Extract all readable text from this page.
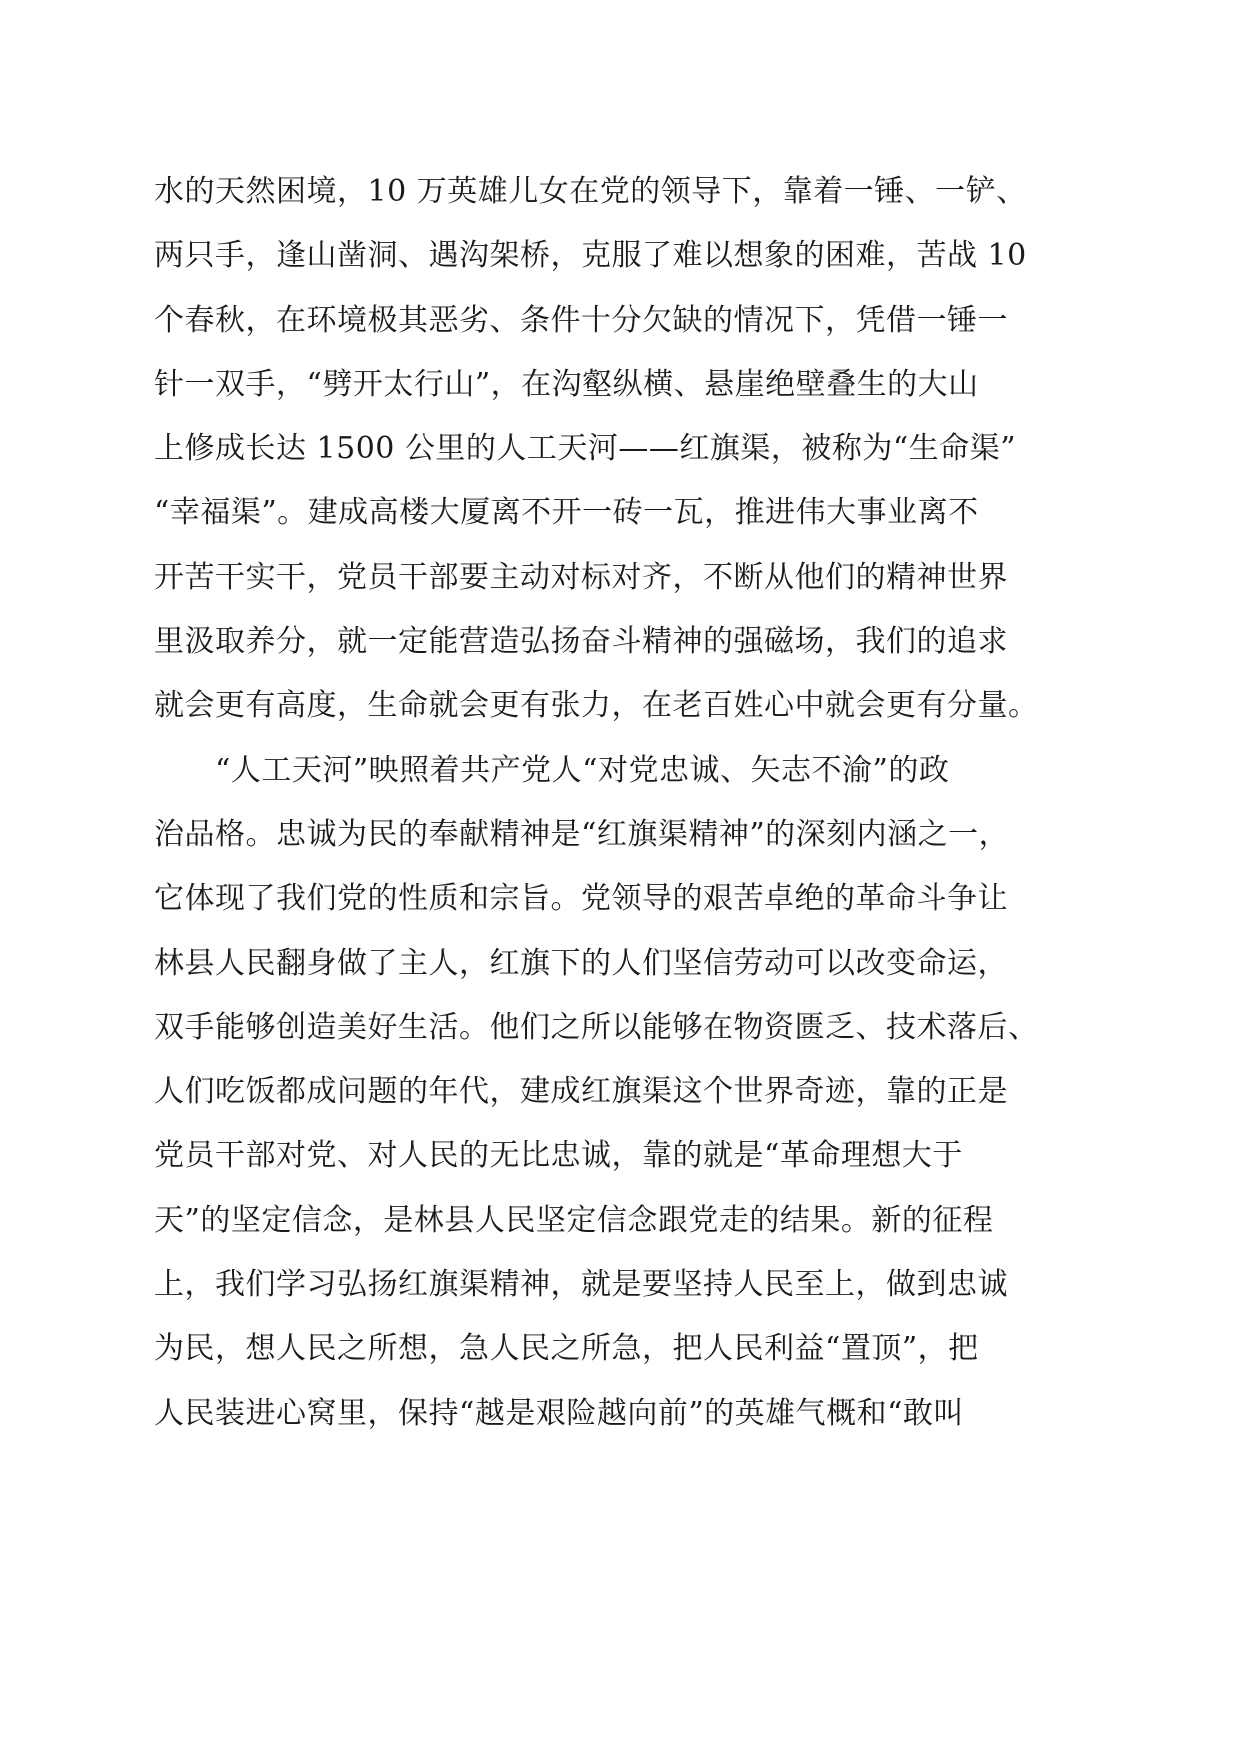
水的天然困境，10 万英雄儿女在党的领导下，靠着一锤、一铲、
两只手，逢山凿洞、遇沟架桥，克服了难以想象的困难，苦战 10
个春秋，在环境极其恶劣、条件十分欠缺的情况下，凭借一锤一
针一双手，“劈开太行山”，在沟壑纵横、悬崖绝壁叠生的大山
上修成长达 1500 公里的人工天河——红旗渠，被称为“生命渠”
“幸福渠”。建成高楼大厦离不开一砖一瓦，推进伟大事业离不
开苦干实干，党员干部要主动对标对齐，不断从他们的精神世界
里汲取养分，就一定能营造弘扬奋斗精神的强磁场，我们的追求
就会更有高度，生命就会更有张力，在老百姓心中就会更有分量。
　　“人工天河”映照着共产党人“对党忠诚、矢志不渝”的政
治品格。忠诚为民的奉献精神是“红旗渠精神”的深刻内涵之一，
它体现了我们党的性质和宗旨。党领导的艰苦卓绝的革命斗争让
林县人民翻身做了主人，红旗下的人们坚信劳动可以改变命运，
双手能够创造美好生活。他们之所以能够在物资匮乏、技术落后、
人们吃饭都成问题的年代，建成红旗渠这个世界奇迹，靠的正是
党员干部对党、对人民的无比忠诚，靠的就是“革命理想大于
天”的坚定信念，是林县人民坚定信念跟党走的结果。新的征程
上，我们学习弘扬红旗渠精神，就是要坚持人民至上，做到忠诚
为民，想人民之所想，急人民之所急，把人民利益“置顶”，把
人民装进心窝里，保持“越是艰险越向前”的英雄气概和“敢叫
